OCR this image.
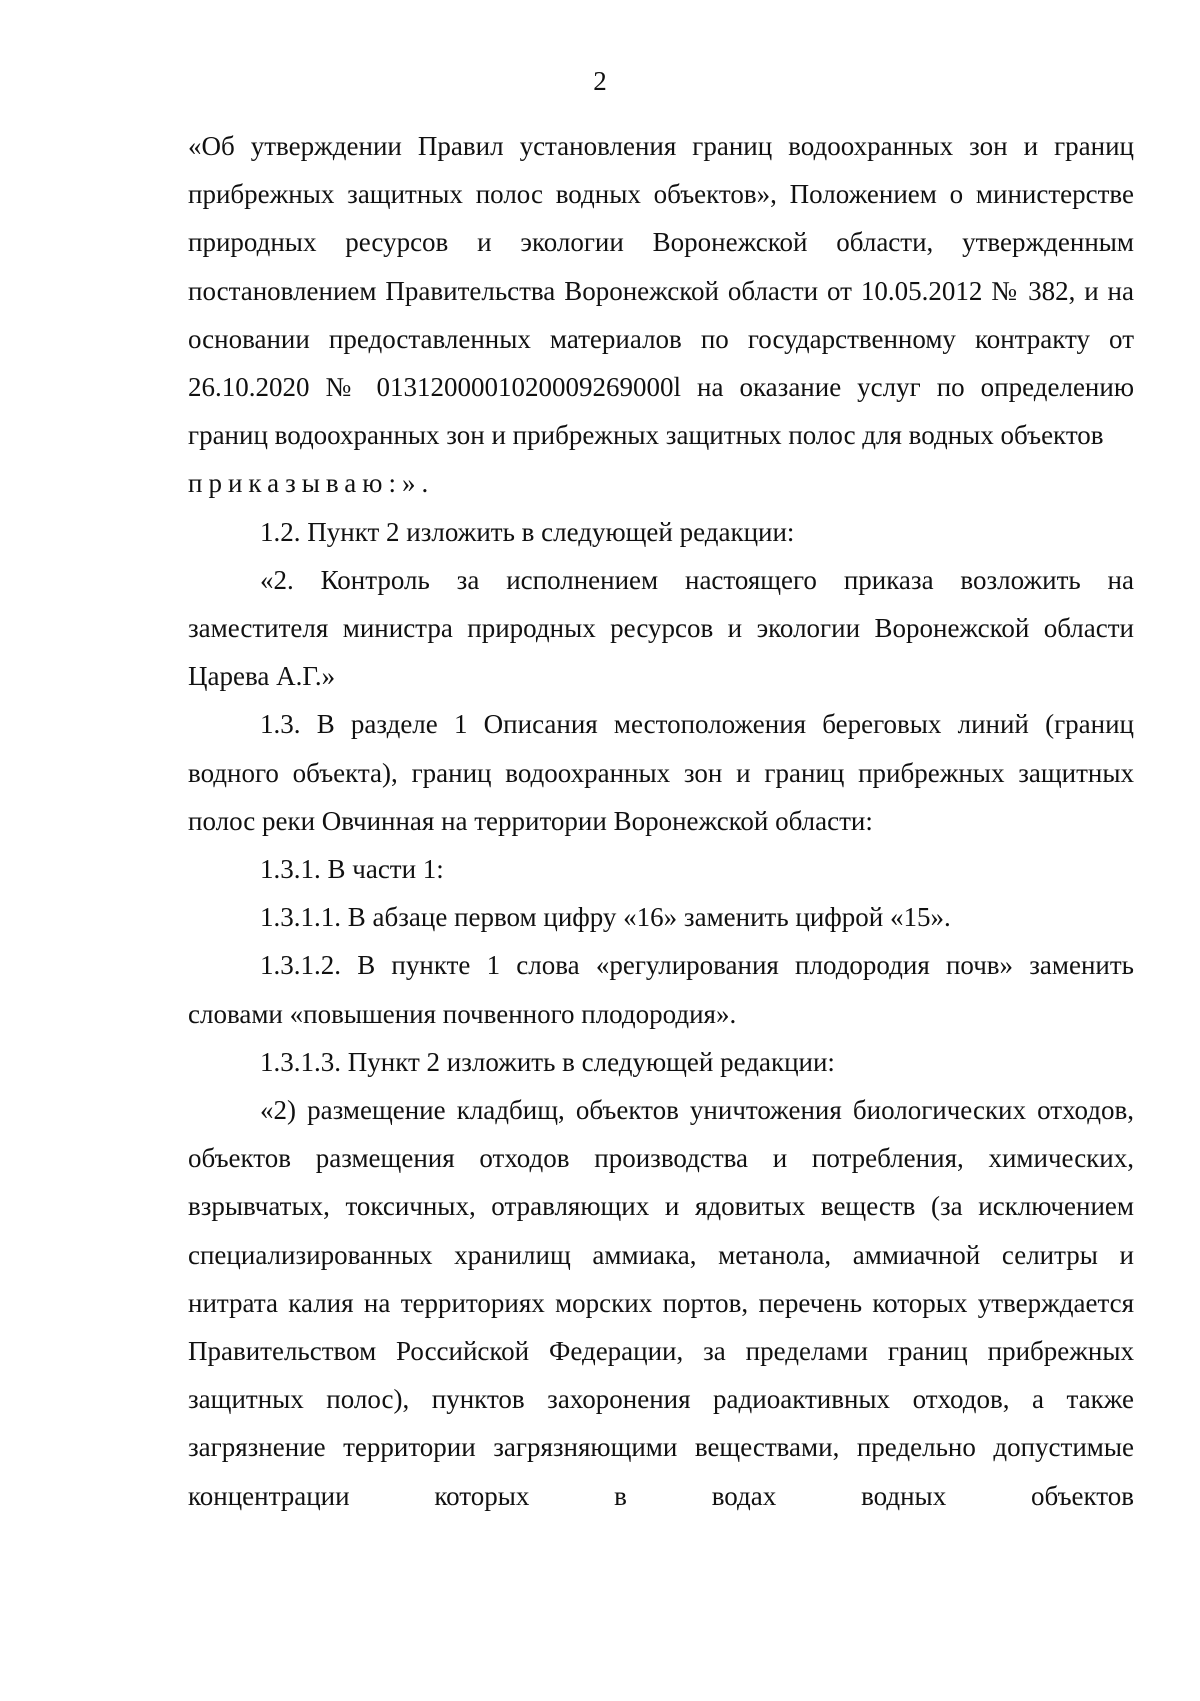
2

«Об утверждении Правил установления границ водоохранных зон и границ прибрежных защитных полос водных объектов», Положением о министерстве природных ресурсов и экологии Воронежской области, утвержденным постановлением Правительства Воронежской области от 10.05.2012 № 382, и на основании предоставленных материалов по государственному контракту от 26.10.2020 № 0131200001020009269000l на оказание услуг по определению границ водоохранных зон и прибрежных защитных полос для водных объектов

приказываю:».

1.2. Пункт 2 изложить в следующей редакции:

«2. Контроль за исполнением настоящего приказа возложить на заместителя министра природных ресурсов и экологии Воронежской области Царева А.Г.»

1.3. В разделе 1 Описания местоположения береговых линий (границ водного объекта), границ водоохранных зон и границ прибрежных защитных полос реки Овчинная на территории Воронежской области:

1.3.1. В части 1:

1.3.1.1. В абзаце первом цифру «16» заменить цифрой «15».

1.3.1.2. В пункте 1 слова «регулирования плодородия почв» заменить словами «повышения почвенного плодородия».

1.3.1.3. Пункт 2 изложить в следующей редакции:

«2) размещение кладбищ, объектов уничтожения биологических отходов, объектов размещения отходов производства и потребления, химических, взрывчатых, токсичных, отравляющих и ядовитых веществ (за исключением специализированных хранилищ аммиака, метанола, аммиачной селитры и нитрата калия на территориях морских портов, перечень которых утверждается Правительством Российской Федерации, за пределами границ прибрежных защитных полос), пунктов захоронения радиоактивных отходов, а также загрязнение территории загрязняющими веществами, предельно допустимые концентрации которых в водах водных объектов
